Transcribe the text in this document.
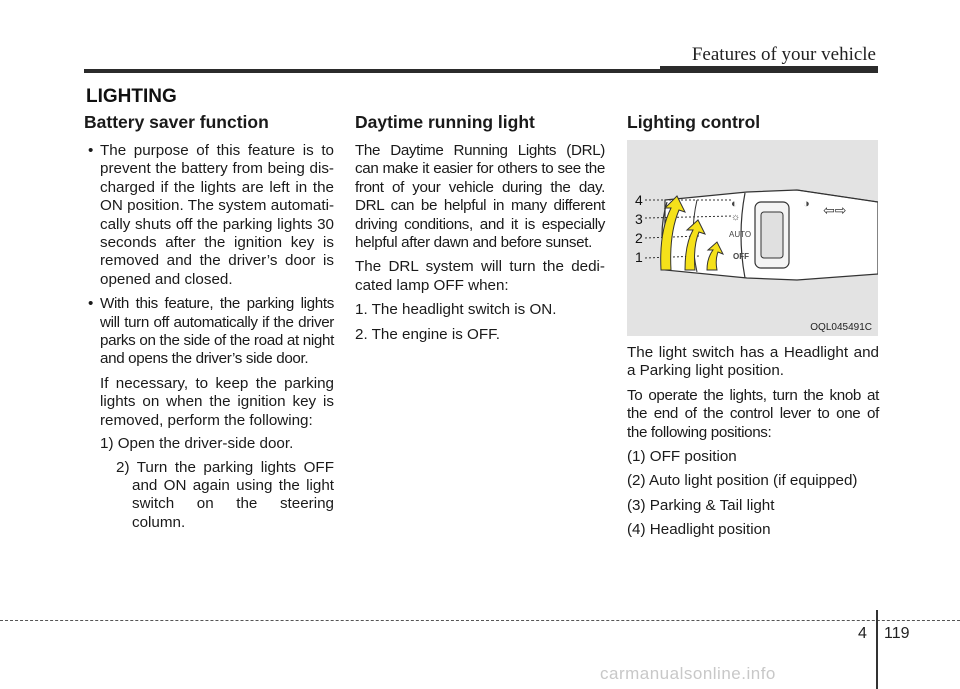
Features of your vehicle
LIGHTING
Battery saver function

• The purpose of this feature is to prevent the battery from being dis-charged if the lights are left in the ON position. The system automati-cally shuts off the parking lights 30 seconds after the ignition key is removed and the driver’s door is opened and closed.

• With this feature, the parking lights will turn off automatically if the driver parks on the side of the road at night and opens the driver’s side door.

If necessary, to keep the parking lights on when the ignition key is removed, perform the following:

1) Open the driver-side door.

2) Turn the parking lights OFF and ON again using the light switch on the steering column.

Daytime running light

The Daytime Running Lights (DRL) can make it easier for others to see the front of your vehicle during the day. DRL can be helpful in many different driving conditions, and it is especially helpful after dawn and before sunset.

The DRL system will turn the dedi-cated lamp OFF when:

1. The headlight switch is ON.

2. The engine is OFF.

Lighting control
4
3
2
1
AUTO
OFF
◐
☼
◑ ⇦⇨
OQL045491C

The light switch has a Headlight and a Parking light position.

To operate the lights, turn the knob at the end of the control lever to one of the following positions:

(1) OFF position

(2) Auto light position (if equipped)

(3) Parking & Tail light

(4) Headlight position

4 119
carmanualsonline.info
